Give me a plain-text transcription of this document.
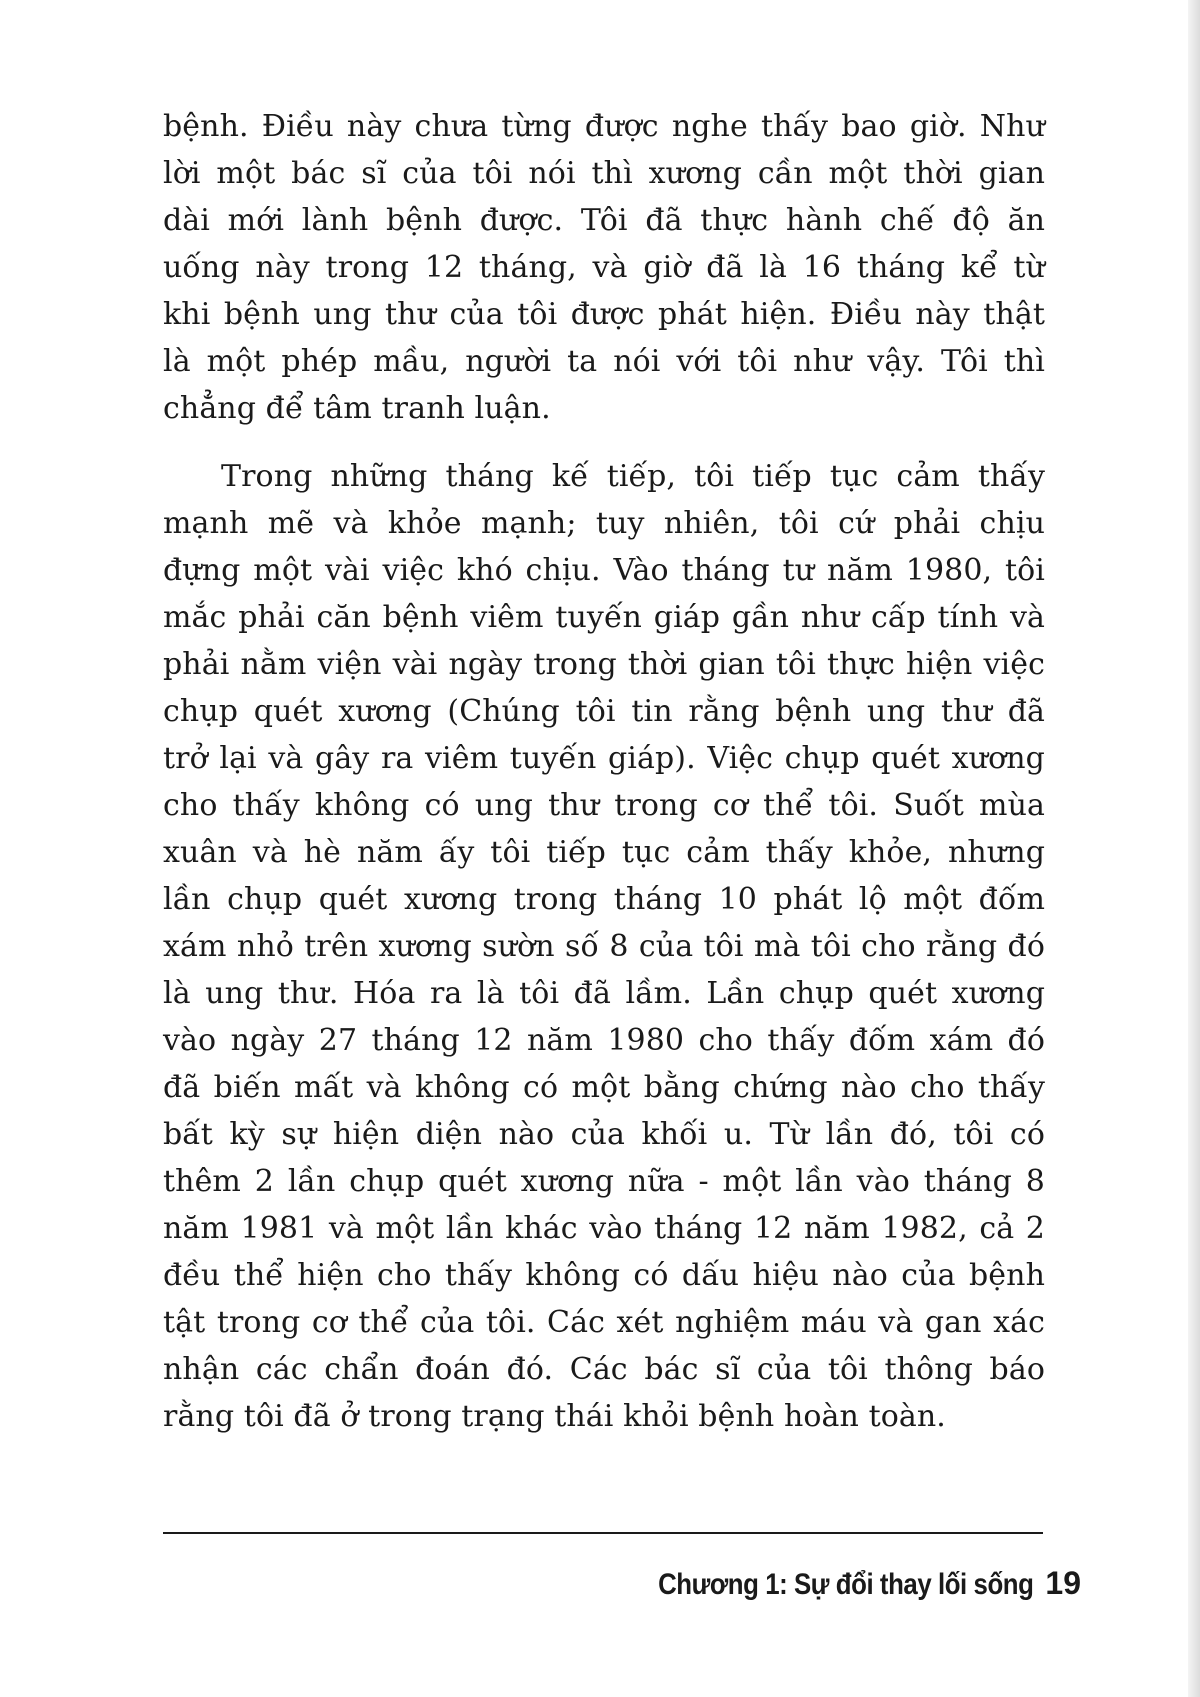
bệnh. Điều này chưa từng được nghe thấy bao giờ. Như
lời một bác sĩ của tôi nói thì xương cần một thời gian
dài mới lành bệnh được. Tôi đã thực hành chế độ ăn
uống này trong 12 tháng, và giờ đã là 16 tháng kể từ
khi bệnh ung thư của tôi được phát hiện. Điều này thật
là một phép mầu, người ta nói với tôi như vậy. Tôi thì
chẳng để tâm tranh luận.
Trong những tháng kế tiếp, tôi tiếp tục cảm thấy
mạnh mẽ và khỏe mạnh; tuy nhiên, tôi cứ phải chịu
đựng một vài việc khó chịu. Vào tháng tư năm 1980, tôi
mắc phải căn bệnh viêm tuyến giáp gần như cấp tính và
phải nằm viện vài ngày trong thời gian tôi thực hiện việc
chụp quét xương (Chúng tôi tin rằng bệnh ung thư đã
trở lại và gây ra viêm tuyến giáp). Việc chụp quét xương
cho thấy không có ung thư trong cơ thể tôi. Suốt mùa
xuân và hè năm ấy tôi tiếp tục cảm thấy khỏe, nhưng
lần chụp quét xương trong tháng 10 phát lộ một đốm
xám nhỏ trên xương sườn số 8 của tôi mà tôi cho rằng đó
là ung thư. Hóa ra là tôi đã lầm. Lần chụp quét xương
vào ngày 27 tháng 12 năm 1980 cho thấy đốm xám đó
đã biến mất và không có một bằng chứng nào cho thấy
bất kỳ sự hiện diện nào của khối u. Từ lần đó, tôi có
thêm 2 lần chụp quét xương nữa - một lần vào tháng 8
năm 1981 và một lần khác vào tháng 12 năm 1982, cả 2
đều thể hiện cho thấy không có dấu hiệu nào của bệnh
tật trong cơ thể của tôi. Các xét nghiệm máu và gan xác
nhận các chẩn đoán đó. Các bác sĩ của tôi thông báo
rằng tôi đã ở trong trạng thái khỏi bệnh hoàn toàn.
Chương 1: Sự đổi thay lối sống 19
